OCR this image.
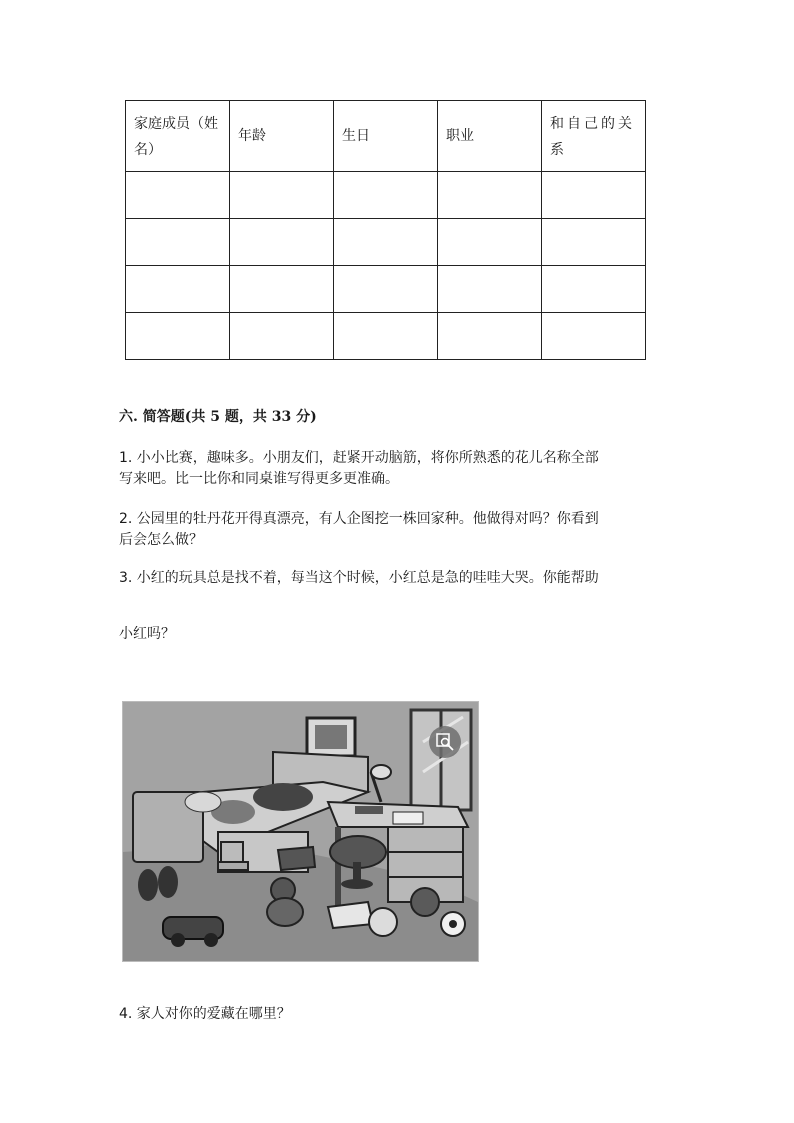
家庭成员（姓名）	年龄	生日	职业	和自己的关系

六. 简答题(共 5 题，共 33 分)
1. 小小比赛，趣味多。小朋友们，赶紧开动脑筋，将你所熟悉的花儿名称全部
写来吧。比一比你和同桌谁写得更多更准确。
2. 公园里的牡丹花开得真漂亮，有人企图挖一株回家种。他做得对吗？你看到
后会怎么做？
3. 小红的玩具总是找不着，每当这个时候，小红总是急的哇哇大哭。你能帮助
小红吗？
4. 家人对你的爱藏在哪里？
